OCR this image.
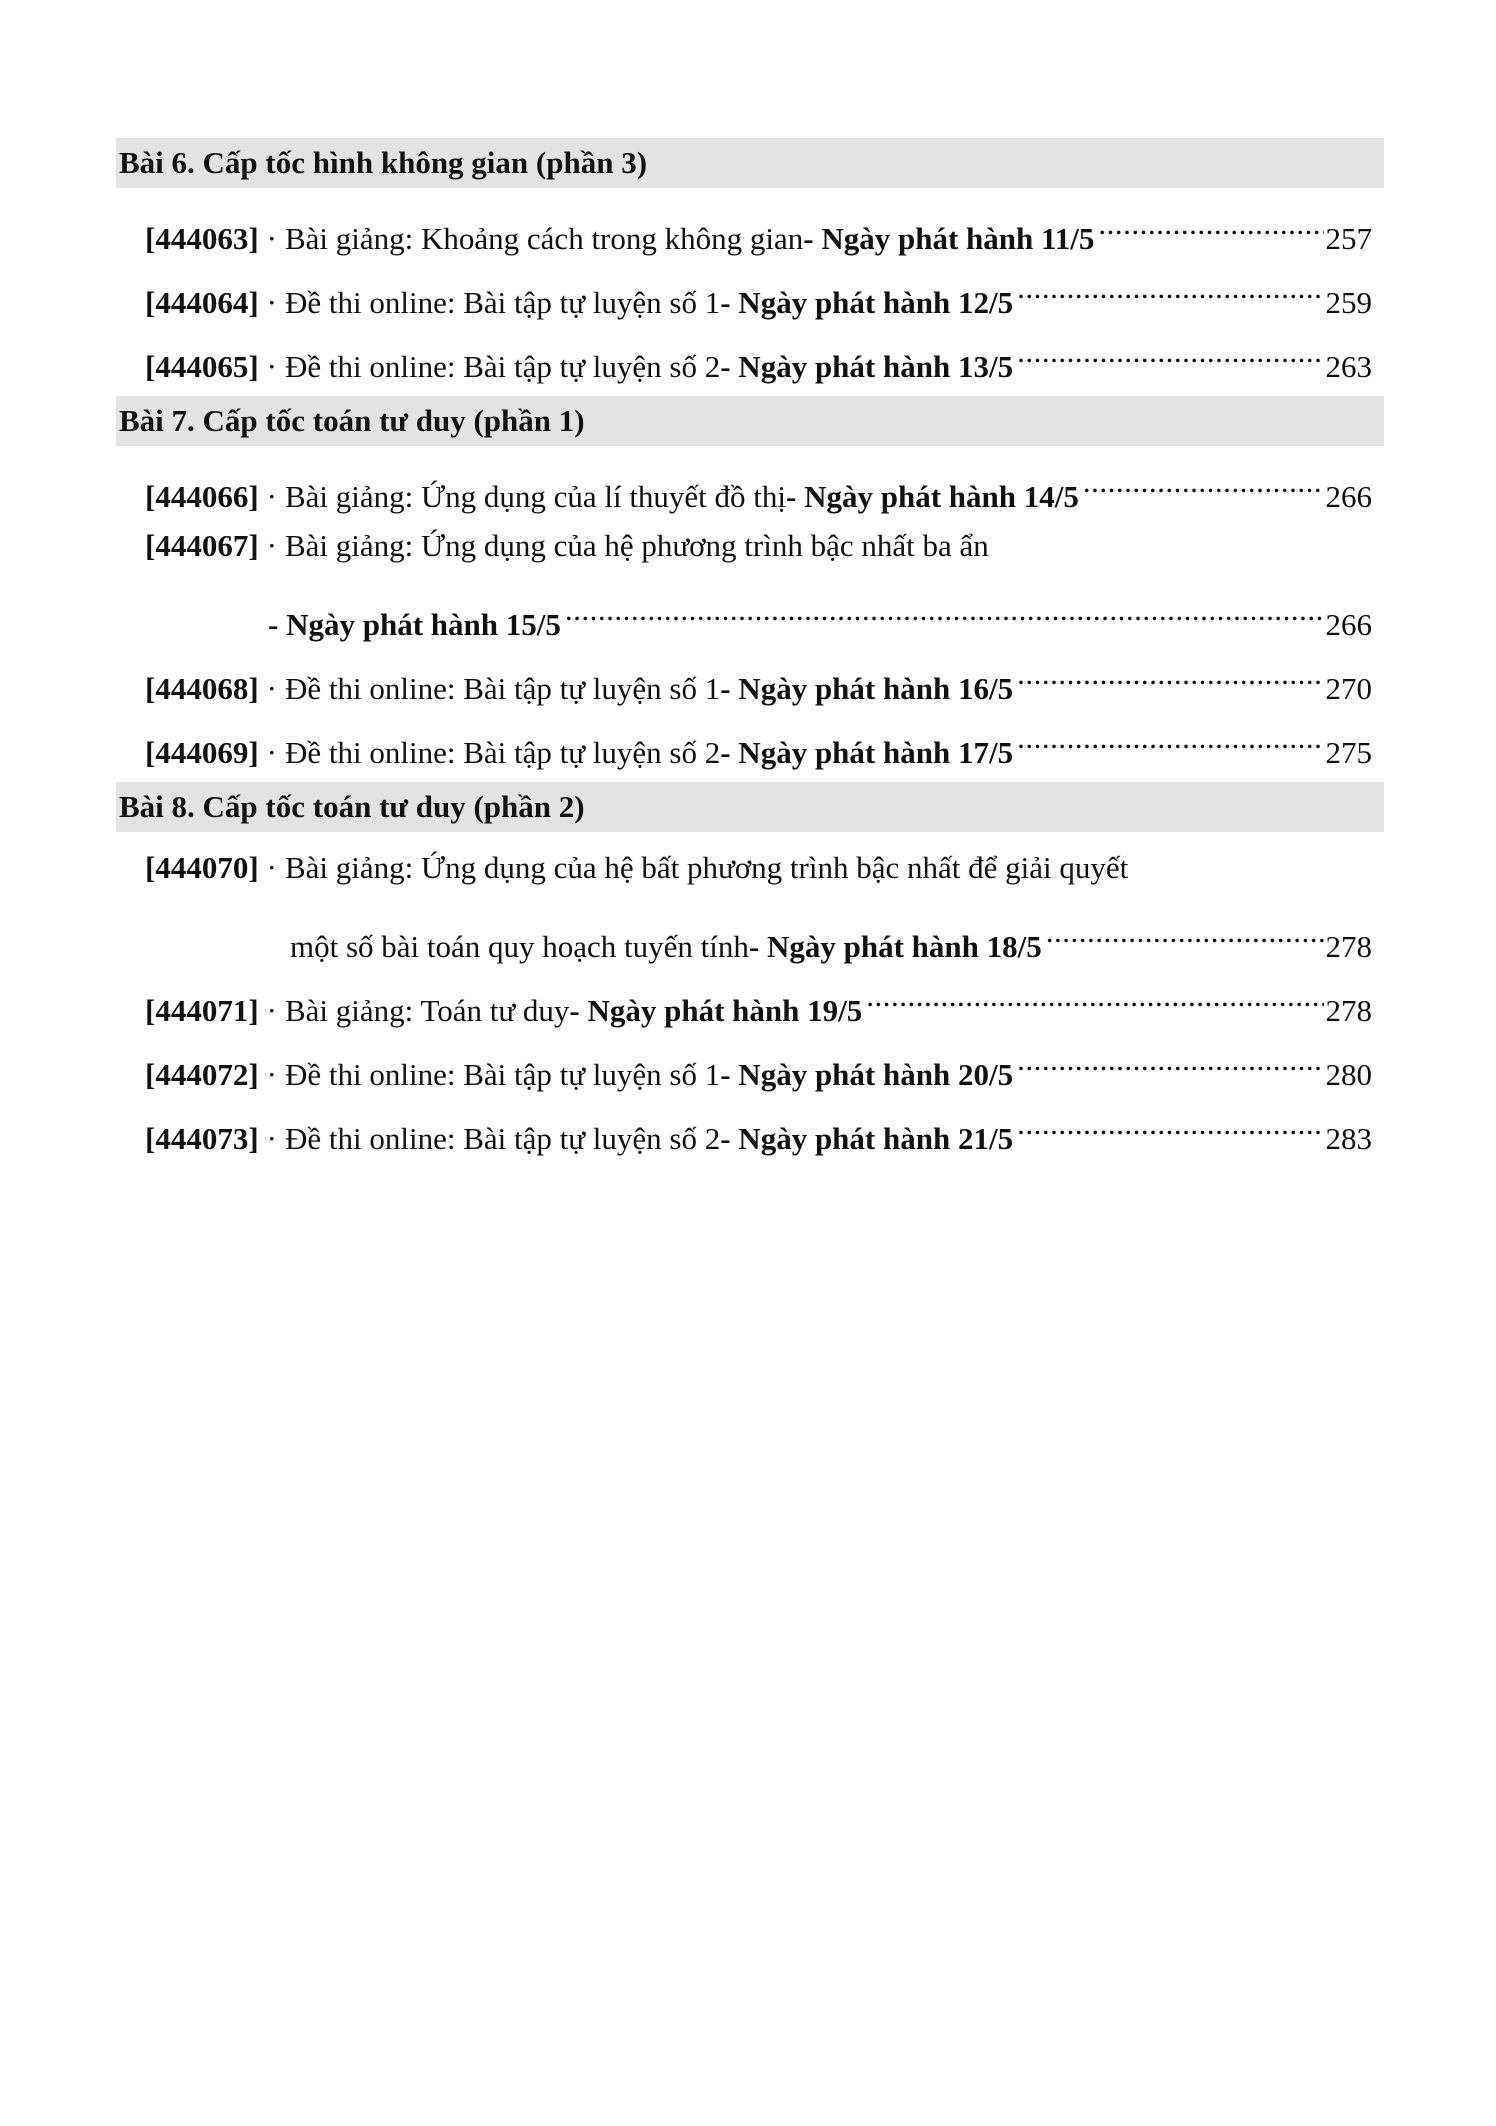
Bài 6. Cấp tốc hình không gian (phần 3)
[444063] · Bài giảng: Khoảng cách trong không gian - Ngày phát hành 11/5 .....	257
[444064] · Đề thi online: Bài tập tự luyện số 1 - Ngày phát hành 12/5 .....	259
[444065] · Đề thi online: Bài tập tự luyện số 2 - Ngày phát hành 13/5 .....	263
Bài 7. Cấp tốc toán tư duy (phần 1)
[444066] · Bài giảng: Ứng dụng của lí thuyết đồ thị - Ngày phát hành 14/5 .....	266
[444067] · Bài giảng: Ứng dụng của hệ phương trình bậc nhất ba ẩn
- Ngày phát hành 15/5 .....	266
[444068] · Đề thi online: Bài tập tự luyện số 1 - Ngày phát hành 16/5 .....	270
[444069] · Đề thi online: Bài tập tự luyện số 2 - Ngày phát hành 17/5 .....	275
Bài 8. Cấp tốc toán tư duy (phần 2)
[444070] · Bài giảng: Ứng dụng của hệ bất phương trình bậc nhất để giải quyết
một số bài toán quy hoạch tuyến tính - Ngày phát hành 18/5 .....	278
[444071] · Bài giảng: Toán tư duy - Ngày phát hành 19/5 .....	278
[444072] · Đề thi online: Bài tập tự luyện số 1 - Ngày phát hành 20/5 .....	280
[444073] · Đề thi online: Bài tập tự luyện số 2 - Ngày phát hành 21/5 .....	283
